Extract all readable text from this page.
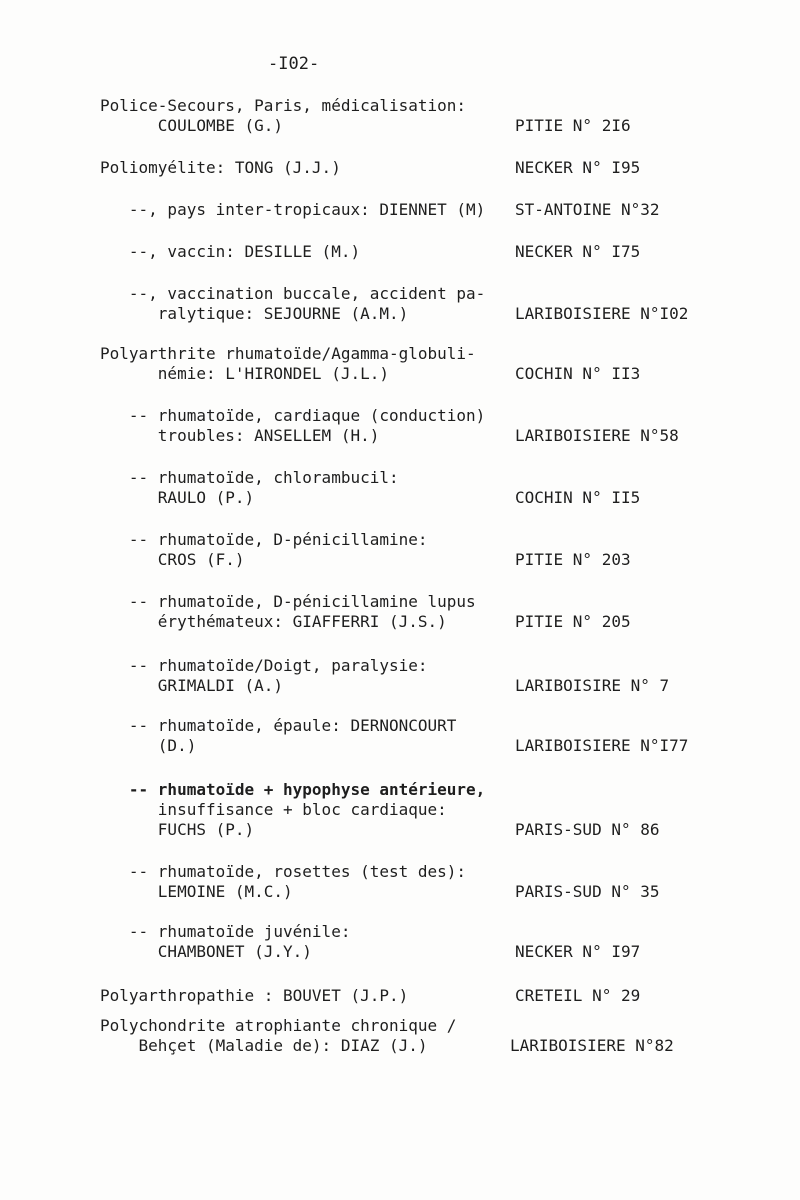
-I02-
Police-Secours, Paris, médicalisation:
COULOMBE (G.)	PITIE N° 2I6
Poliomyélite: TONG (J.J.)	NECKER N° I95
--, pays inter-tropicaux: DIENNET (M) ST-ANTOINE N°32
--, vaccin: DESILLE (M.)	NECKER N° I75
--, vaccination buccale, accident pa-
ralytique: SEJOURNE (A.M.)	LARIBOISIERE N°I02
Polyarthrite rhumatoïde/Agamma-globuli-
némie: L'HIRONDEL (J.L.)	COCHIN N° II3
-- rhumatoïde, cardiaque (conduction)
troubles: ANSELLEM (H.)	LARIBOISIERE N°58
-- rhumatoïde, chlorambucil:
RAULO (P.)	COCHIN N° II5
-- rhumatoïde, D-pénicillamine:
CROS (F.)	PITIE N° 203
-- rhumatoïde, D-pénicillamine lupus
érythémateux: GIAFFERRI (J.S.)	PITIE N° 205
-- rhumatoïde/Doigt, paralysie:
GRIMALDI (A.)	LARIBOISIRE N° 7
-- rhumatoïde, épaule: DERNONCOURT
(D.)	LARIBOISIERE N°I77
-- rhumatoïde + hypophyse antérieure,
insuffisance + bloc cardiaque:
FUCHS (P.)	PARIS-SUD N° 86
-- rhumatoïde, rosettes (test des):
LEMOINE (M.C.)	PARIS-SUD N° 35
-- rhumatoïde juvénile:
CHAMBONET (J.Y.)	NECKER N° I97
Polyarthropathie : BOUVET (J.P.)	CRETEIL N° 29
Polychondrite atrophiante chronique /
Behçet (Maladie de): DIAZ (J.)	LARIBOISIERE N°82
